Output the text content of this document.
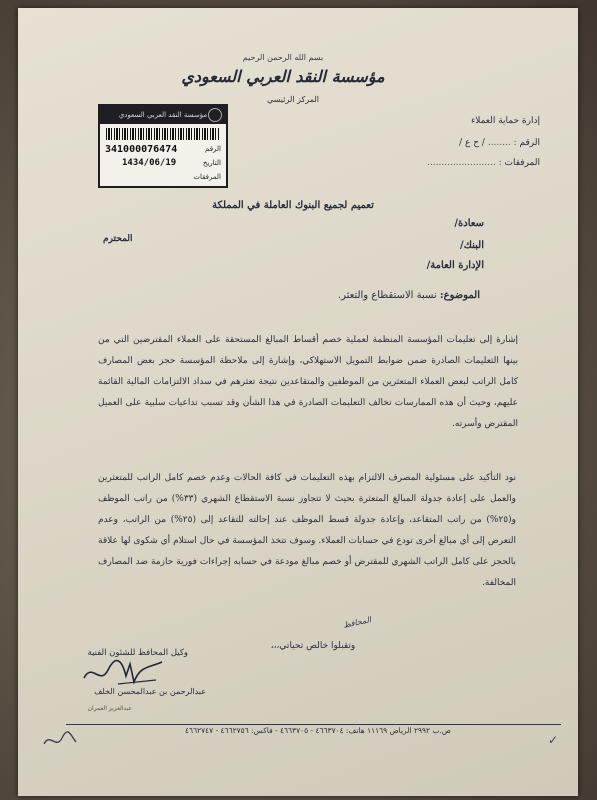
بسم الله الرحمن الرحيم
مؤسسة النقد العربي السعودي
المركز الرئيسي
إدارة حماية العملاء
الرقم : ........ / ح ع /
المرفقات : ........................
مؤسسة النقد العربي السعودي
341000076474	الرقم
1434/06/19	التاريخ
المرفقات
تعميم لجميع البنوك العاملة في المملكة
سعادة/
البنك/
الإدارة العامة/
المحترم
الموضوع: نسبة الاستقطاع والتعثر.
إشارة إلى تعليمات المؤسسة المنظمة لعملية خصم أقساط المبالغ المستحقة على العملاء المقترضين التي من بينها التعليمات الصادرة ضمن ضوابط التمويل الاستهلاكي، وإشارة إلى ملاحظة المؤسسة حجز بعض المصارف كامل الراتب لبعض العملاء المتعثرين من الموظفين والمتقاعدين نتيجة تعثرهم في سداد الالتزامات المالية القائمة عليهم، وحيث أن هذه الممارسات تخالف التعليمات الصادرة في هذا الشأن وقد تسبب تداعيات سلبية على العميل المقترض وأسرته.
نود التأكيد على مسئولية المصرف الالتزام بهذه التعليمات في كافة الحالات وعدم خصم كامل الراتب للمتعثرين والعمل على إعادة جدولة المبالغ المتعثرة بحيث لا تتجاوز نسبة الاستقطاع الشهري (٣٣%) من راتب الموظف و(٢٥%) من راتب المتقاعد، وإعادة جدولة قسط الموظف عند إحالته للتقاعد إلى (٢٥%) من الراتب، وعدم التعرض إلى أي مبالغ أخرى تودع في حسابات العملاء. وسوف تتخذ المؤسسة في حال استلام أي شكوى لها علاقة بالحجز على كامل الراتب الشهري للمقترض أو خصم مبالغ مودعة في حسابه إجراءات فورية حازمة ضد المصارف المخالفة.
المحافظ
وتقبلوا خالص تحياتي،،،
وكيل المحافظ للشئون الفنية
عبدالرحمن بن عبدالمحسن الخلف
عبدالعزيز العمران
ص.ب ٢٩٩٢ الرياض ١١١٦٩ هاتف: ٤٦٦٣٧٠٤ - ٤٦٦٣٧٠٥ - فاكس: ٤٦٦٢٧٥٦ - ٤٦٦٢٧٤٧
✓
